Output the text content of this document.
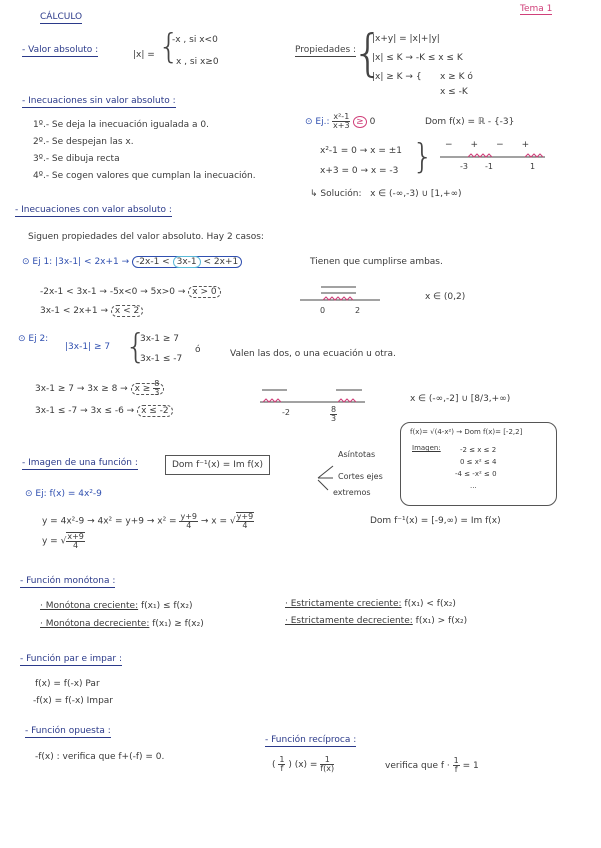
Tema 1
CÁLCULO
- Valor absoluto :	|x| = {
-x , si x<0
x , si x≥0
Propiedades :
{
|x+y| = |x|+|y|
|x| ≤ K → -K ≤ x ≤ K
|x| ≥ K → { x ≥ K ó
x ≤ -K
- Inecuaciones sin valor absoluto :
1º.- Se deja la inecuación igualada a 0.
2º.- Se despejan las x.
3º.- Se dibuja recta
4º.- Se cogen valores que cumplan la inecuación.
⊙ Ej.: $\frac{\text{x²-1}}{x+3} \ge 0$	Dom f(x) = ℝ - {-3}
x²-1 = 0 → x = ±1
x+3 = 0 → x = -3 } −+−+
-3 -1	1
↳ Solución: x ∈ (-∞,-3) ∪ [1,+∞)
- Inecuaciones con valor absoluto :
Siguen propiedades del valor absoluto. Hay 2 casos:
⊙ Ej 1: |3x-1| < 2x+1 → -2x-1 < 3x-1 < 2x+1	Tienen que cumplirse ambas.
-2x-1 < 3x-1 → -5x<0 → 5x>0 → x > 0
3x-1 < 2x+1 → x < 2	0	2
x ∈ (0,2)
⊙ Ej 2:
|3x-1| ≥ 7 {
3x-1 ≥ 7
3x-1 ≤ -7
ó	Valen las dos, o una ecuación u otra.
$3x-1 \ge 7 \to 3x \ge 8 \to x \ge \frac{8}{3}$
3x-1 ≤ -7 → 3x ≤ -6 → x ≤ -2	-2	$\frac{8}{3}$
x ∈ (-∞,-2] ∪ [8/3,+∞)
f(x)= √(4-x²) → Dom f(x)= [-2,2]
Imagen:	-2 ≤ x ≤ 2
0 ≤ x² ≤ 4
-4 ≤ -x² ≤ 0
...
- Imagen de una función :	Dom f⁻¹(x) = Im f(x)
Asíntotas
Cortes ejes
extremos
⊙ Ej: f(x) = 4x²-9
$y = 4x^2-9 \to 4x^2 = y+9 \to x^2 = \frac{y+9}{4} \to x$ = √ $\frac{y+9}{4}$
y = √ $\frac{x+9}{4}$
Dom f⁻¹(x) = [-9,∞) = Im f(x)
- Función monótona :
· Monótona creciente: f(x₁) ≤ f(x₂)
· Monótona decreciente: f(x₁) ≥ f(x₂)
· Estrictamente creciente: f(x₁) < f(x₂)
· Estrictamente decreciente: f(x₁) > f(x₂)
- Función par e impar :
f(x) = f(-x) Par
-f(x) = f(-x) Impar
- Función opuesta :
-f(x) : verifica que f+(-f) = 0.
- Función recíproca :
( $\frac{1}{f}$ ) $(x) = \frac{1}{f(x)}$	verifica que $f \cdot \frac{1}{f} = 1$
